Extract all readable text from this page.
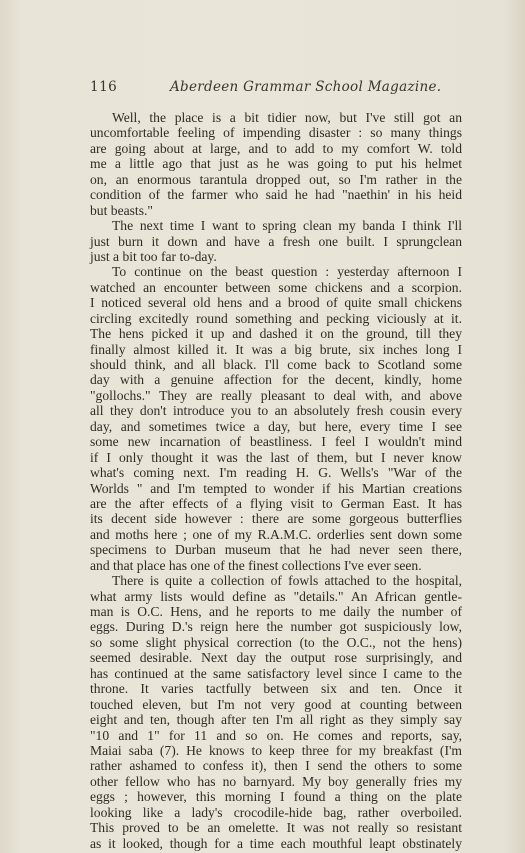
116	Aberdeen Grammar School Magazine.
Well, the place is a bit tidier now, but I've still got an
uncomfortable feeling of impending disaster : so many things
are going about at large, and to add to my comfort W. told
me a little ago that just as he was going to put his helmet
on, an enormous tarantula dropped out, so I'm rather in the
condition of the farmer who said he had "naethin' in his heid
but beasts."
The next time I want to spring clean my banda I think I'll
just burn it down and have a fresh one built. I sprungclean
just a bit too far to-day.
To continue on the beast question : yesterday afternoon I
watched an encounter between some chickens and a scorpion.
I noticed several old hens and a brood of quite small chickens
circling excitedly round something and pecking viciously at it.
The hens picked it up and dashed it on the ground, till they
finally almost killed it. It was a big brute, six inches long I
should think, and all black. I'll come back to Scotland some
day with a genuine affection for the decent, kindly, home
"gollochs." They are really pleasant to deal with, and above
all they don't introduce you to an absolutely fresh cousin every
day, and sometimes twice a day, but here, every time I see
some new incarnation of beastliness. I feel I wouldn't mind
if I only thought it was the last of them, but I never know
what's coming next. I'm reading H. G. Wells's "War of the
Worlds " and I'm tempted to wonder if his Martian creations
are the after effects of a flying visit to German East. It has
its decent side however : there are some gorgeous butterflies
and moths here ; one of my R.A.M.C. orderlies sent down some
specimens to Durban museum that he had never seen there,
and that place has one of the finest collections I've ever seen.
There is quite a collection of fowls attached to the hospital,
what army lists would define as "details." An African gentle-
man is O.C. Hens, and he reports to me daily the number of
eggs. During D.'s reign here the number got suspiciously low,
so some slight physical correction (to the O.C., not the hens)
seemed desirable. Next day the output rose surprisingly, and
has continued at the same satisfactory level since I came to the
throne. It varies tactfully between six and ten. Once it
touched eleven, but I'm not very good at counting between
eight and ten, though after ten I'm all right as they simply say
"10 and 1" for 11 and so on. He comes and reports, say,
Maiai saba (7). He knows to keep three for my breakfast (I'm
rather ashamed to confess it), then I send the others to some
other fellow who has no barnyard. My boy generally fries my
eggs ; however, this morning I found a thing on the plate
looking like a lady's crocodile-hide bag, rather overboiled.
This proved to be an omelette. It was not really so resistant
as it looked, though for a time each mouthful leapt obstinately
